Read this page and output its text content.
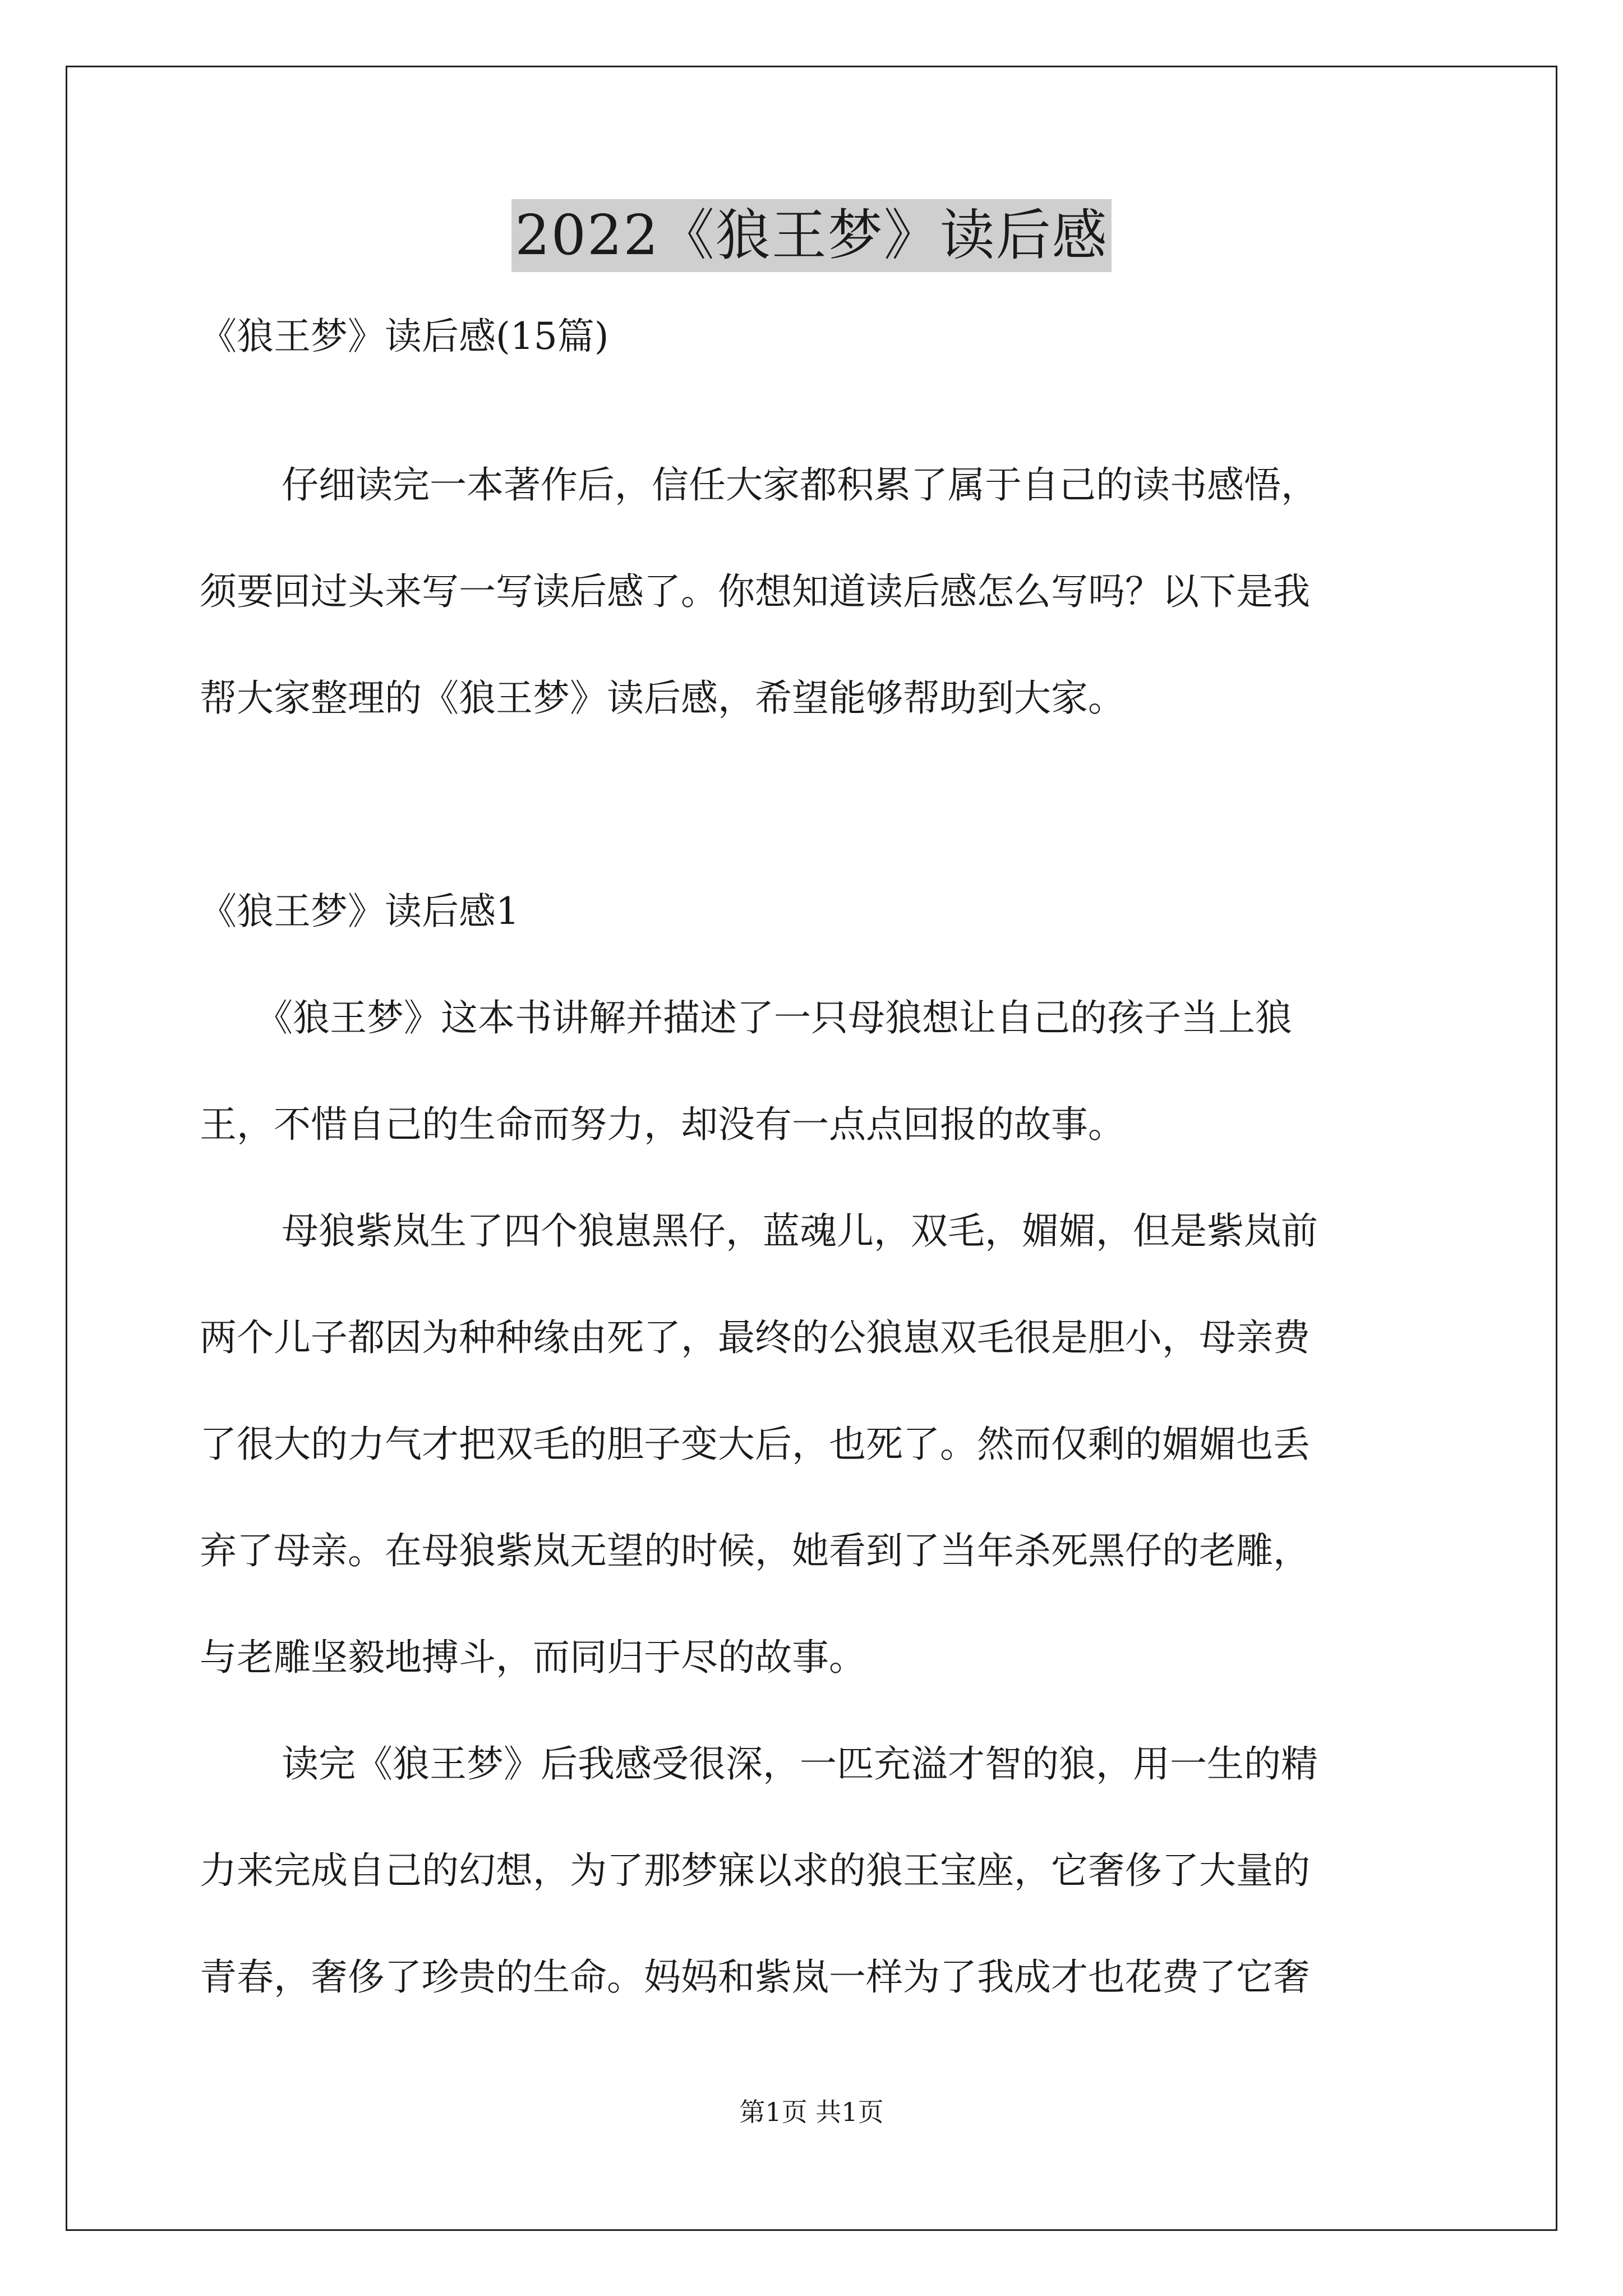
2022《狼王梦》读后感
《狼王梦》读后感(15篇)
仔细读完一本著作后，信任大家都积累了属于自己的读书感悟，
须要回过头来写一写读后感了。你想知道读后感怎么写吗？以下是我
帮大家整理的《狼王梦》读后感，希望能够帮助到大家。
《狼王梦》读后感1
《狼王梦》这本书讲解并描述了一只母狼想让自己的孩子当上狼
王，不惜自己的生命而努力，却没有一点点回报的故事。
母狼紫岚生了四个狼崽黑仔，蓝魂儿，双毛，媚媚，但是紫岚前
两个儿子都因为种种缘由死了，最终的公狼崽双毛很是胆小，母亲费
了很大的力气才把双毛的胆子变大后，也死了。然而仅剩的媚媚也丢
弃了母亲。在母狼紫岚无望的时候，她看到了当年杀死黑仔的老雕，
与老雕坚毅地搏斗，而同归于尽的故事。
读完《狼王梦》后我感受很深，一匹充溢才智的狼，用一生的精
力来完成自己的幻想，为了那梦寐以求的狼王宝座，它奢侈了大量的
青春，奢侈了珍贵的生命。妈妈和紫岚一样为了我成才也花费了它奢
第1页 共1页
